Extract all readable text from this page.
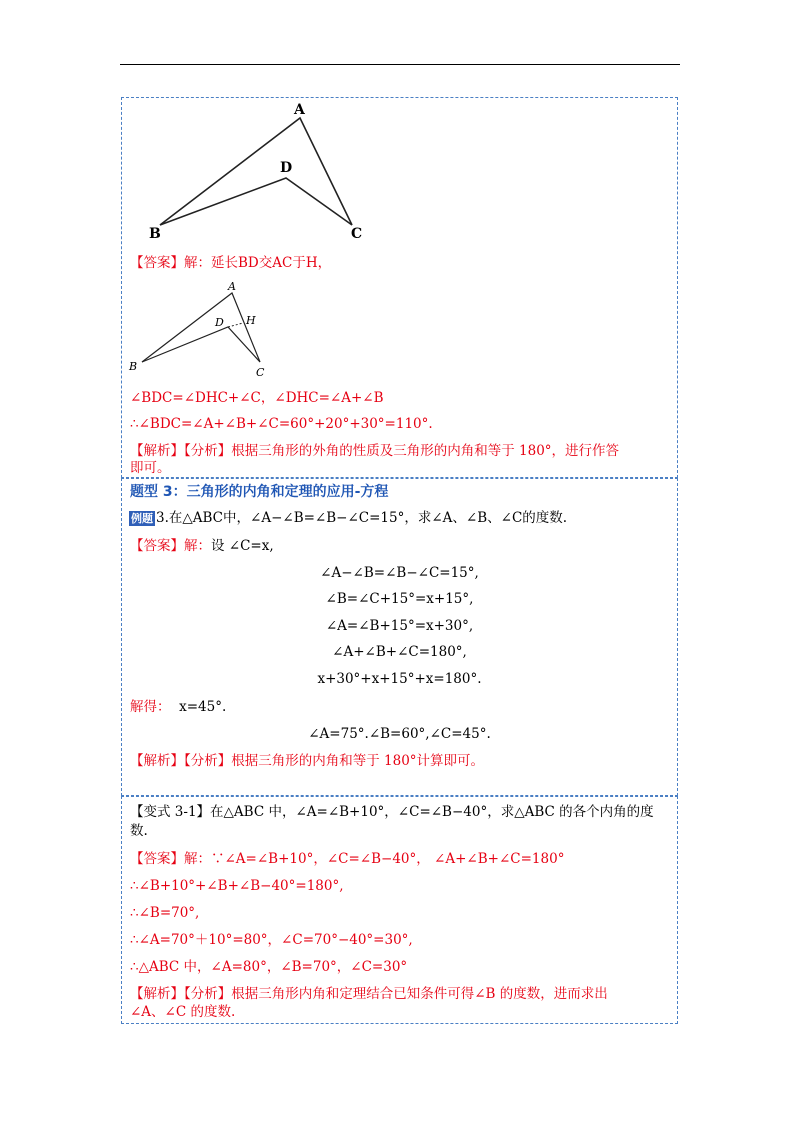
A
D
B	C
【答案】解：延长BD交AC于H，
A
D H
B	C
∠BDC=∠DHC+∠C，∠DHC=∠A+∠B
∴∠BDC=∠A+∠B+∠C=60°+20°+30°=110°.
【解析】【分析】根据三角形的外角的性质及三角形的内角和等于 180°，进行作答
即可。
题型 3：三角形的内角和定理的应用-方程
例题 3.在△ABC中，∠A−∠B=∠B−∠C=15°，求∠A、∠B、∠C的度数.
【答案】解：设 ∠C=x,
∠A−∠B=∠B−∠C=15°,
∠B=∠C+15°=x+15°,
∠A=∠B+15°=x+30°,
∠A+∠B+∠C=180°,
x+30°+x+15°+x=180°.
解得： x=45°.
∠A=75°.∠B=60°,∠C=45°.
【解析】【分析】根据三角形的内角和等于 180°计算即可。
【变式 3-1】在△ABC 中，∠A=∠B+10°，∠C=∠B−40°，求△ABC 的各个内角的度
数.
【答案】解：∵∠A=∠B+10°，∠C=∠B−40°， ∠A+∠B+∠C=180°
∴∠B+10°+∠B+∠B−40°=180°,
∴∠B=70°,
∴∠A=70°＋10°=80°，∠C=70°−40°=30°,
∴△ABC 中，∠A=80°，∠B=70°，∠C=30°
【解析】【分析】根据三角形内角和定理结合已知条件可得∠B 的度数，进而求出
∠A、∠C 的度数.
